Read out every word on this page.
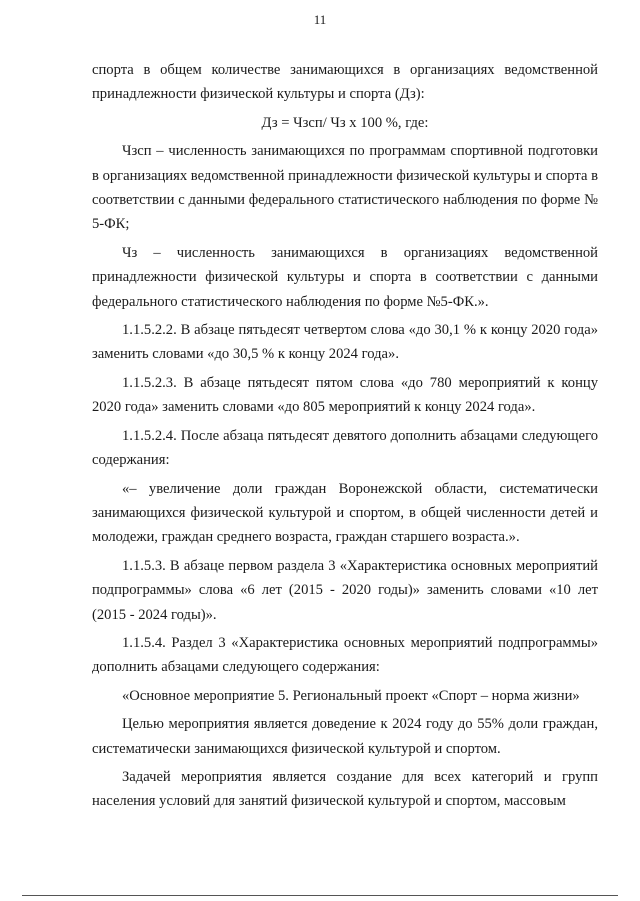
11

спорта в общем количестве занимающихся в организациях ведомственной принадлежности физической культуры и спорта (Дз):

Дз = Чзсп/ Чз х 100 %, где:

Чзсп – численность занимающихся по программам спортивной подготовки в организациях ведомственной принадлежности физической культуры и спорта в соответствии с данными федерального статистического наблюдения по форме № 5-ФК;

Чз – численность занимающихся в организациях ведомственной принадлежности физической культуры и спорта в соответствии с данными федерального статистического наблюдения по форме №5-ФК.».

1.1.5.2.2. В абзаце пятьдесят четвертом слова «до 30,1 % к концу 2020 года» заменить словами «до 30,5 % к концу 2024 года».

1.1.5.2.3. В абзаце пятьдесят пятом слова «до 780 мероприятий к концу 2020 года» заменить словами «до 805 мероприятий к концу 2024 года».

1.1.5.2.4. После абзаца пятьдесят девятого дополнить абзацами следующего содержания:

«– увеличение доли граждан Воронежской области, систематически занимающихся физической культурой и спортом, в общей численности детей и молодежи, граждан среднего возраста, граждан старшего возраста.».

1.1.5.3. В абзаце первом раздела 3 «Характеристика основных мероприятий подпрограммы» слова «6 лет (2015 - 2020 годы)» заменить словами «10 лет (2015 - 2024 годы)».

1.1.5.4. Раздел 3 «Характеристика основных мероприятий подпрограммы» дополнить абзацами следующего содержания:

«Основное мероприятие 5. Региональный проект «Спорт – норма жизни»

Целью мероприятия является доведение к 2024 году до 55% доли граждан, систематически занимающихся физической культурой и спортом.

Задачей мероприятия является создание для всех категорий и групп населения условий для занятий физической культурой и спортом, массовым
